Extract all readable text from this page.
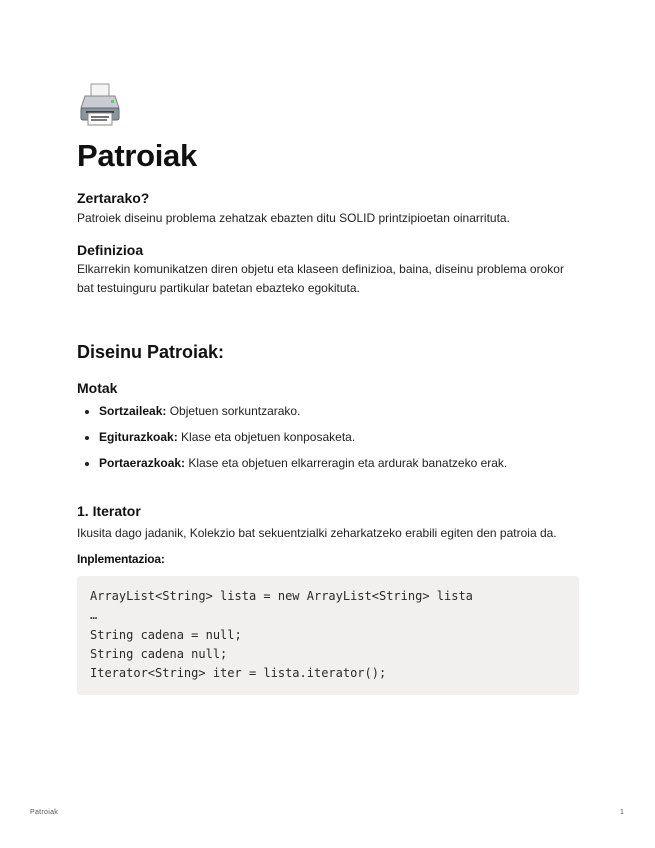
Patroiak
Zertarako?

Patroiek diseinu problema zehatzak ebazten ditu SOLID printzipioetan oinarrituta.

Definizioa

Elkarrekin komunikatzen diren objetu eta klaseen definizioa, baina, diseinu problema orokor bat testuinguru partikular batetan ebazteko egokituta.

Diseinu Patroiak:
Motak
• Sortzaileak: Objetuen sorkuntzarako.
• Egiturazkoak: Klase eta objetuen konposaketa.
• Portaerazkoak: Klase eta objetuen elkarreragin eta ardurak banatzeko erak.
1. Iterator

Ikusita dago jadanik, Kolekzio bat sekuentzialki zeharkatzeko erabili egiten den patroia da.

Inplementazioa:
ArrayList<String> lista = new ArrayList<String> lista
…
String cadena = null;
String cadena null;
Iterator<String> iter = lista.iterator();
Patroiak	1
